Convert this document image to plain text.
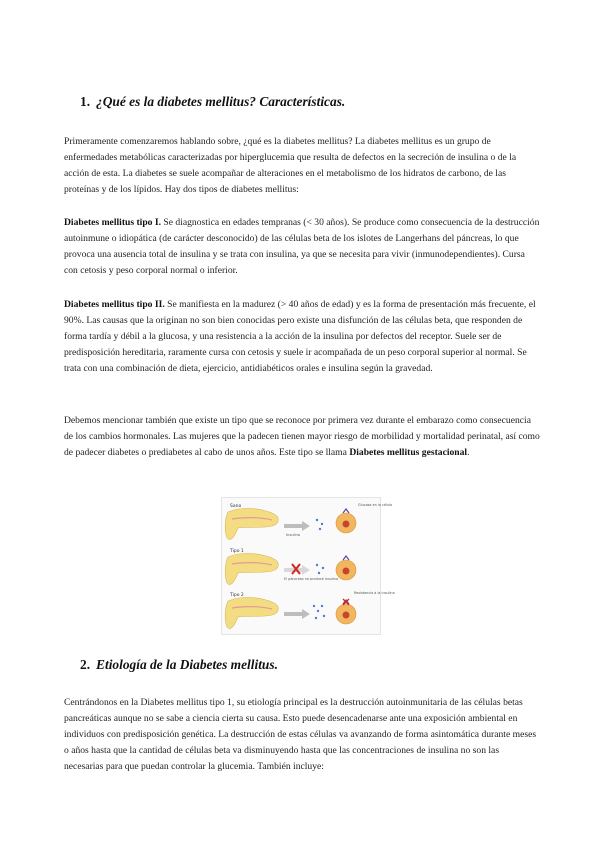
1. ¿Qué es la diabetes mellitus? Características.

Primeramente comenzaremos hablando sobre, ¿qué es la diabetes mellitus? La diabetes mellitus es un grupo de enfermedades metabólicas caracterizadas por hiperglucemia que resulta de defectos en la secreción de insulina o de la acción de esta. La diabetes se suele acompañar de alteraciones en el metabolismo de los hidratos de carbono, de las proteínas y de los lípidos. Hay dos tipos de diabetes mellitus:

Diabetes mellitus tipo I. Se diagnostica en edades tempranas (< 30 años). Se produce como consecuencia de la destrucción autoinmune o idiopática (de carácter desconocido) de las células beta de los islotes de Langerhans del páncreas, lo que provoca una ausencia total de insulina y se trata con insulina, ya que se necesita para vivir (inmunodependientes). Cursa con cetosis y peso corporal normal o inferior.

Diabetes mellitus tipo II. Se manifiesta en la madurez (> 40 años de edad) y es la forma de presentación más frecuente, el 90%. Las causas que la originan no son bien conocidas pero existe una disfunción de las células beta, que responden de forma tardía y débil a la glucosa, y una resistencia a la acción de la insulina por defectos del receptor. Suele ser de predisposición hereditaria, raramente cursa con cetosis y suele ir acompañada de un peso corporal superior al normal. Se trata con una combinación de dieta, ejercicio, antidiabéticos orales e insulina según la gravedad.

Debemos mencionar también que existe un tipo que se reconoce por primera vez durante el embarazo como consecuencia de los cambios hormonales. Las mujeres que la padecen tienen mayor riesgo de morbilidad y mortalidad perinatal, así como de padecer diabetes o prediabetes al cabo de unos años. Este tipo se llama Diabetes mellitus gestacional.

Sano
Insulina
Glucosa en la célula
Tipo 1
El páncreas no produce insulina
Tipo 2	Resistencia a la insulina
2. Etiología de la Diabetes mellitus.

Centrándonos en la Diabetes mellitus tipo 1, su etiología principal es la destrucción autoinmunitaria de las células betas pancreáticas aunque no se sabe a ciencia cierta su causa. Esto puede desencadenarse ante una exposición ambiental en individuos con predisposición genética. La destrucción de estas células va avanzando de forma asintomática durante meses o años hasta que la cantidad de células beta va disminuyendo hasta que las concentraciones de insulina no son las necesarias para que puedan controlar la glucemia. También incluye:
